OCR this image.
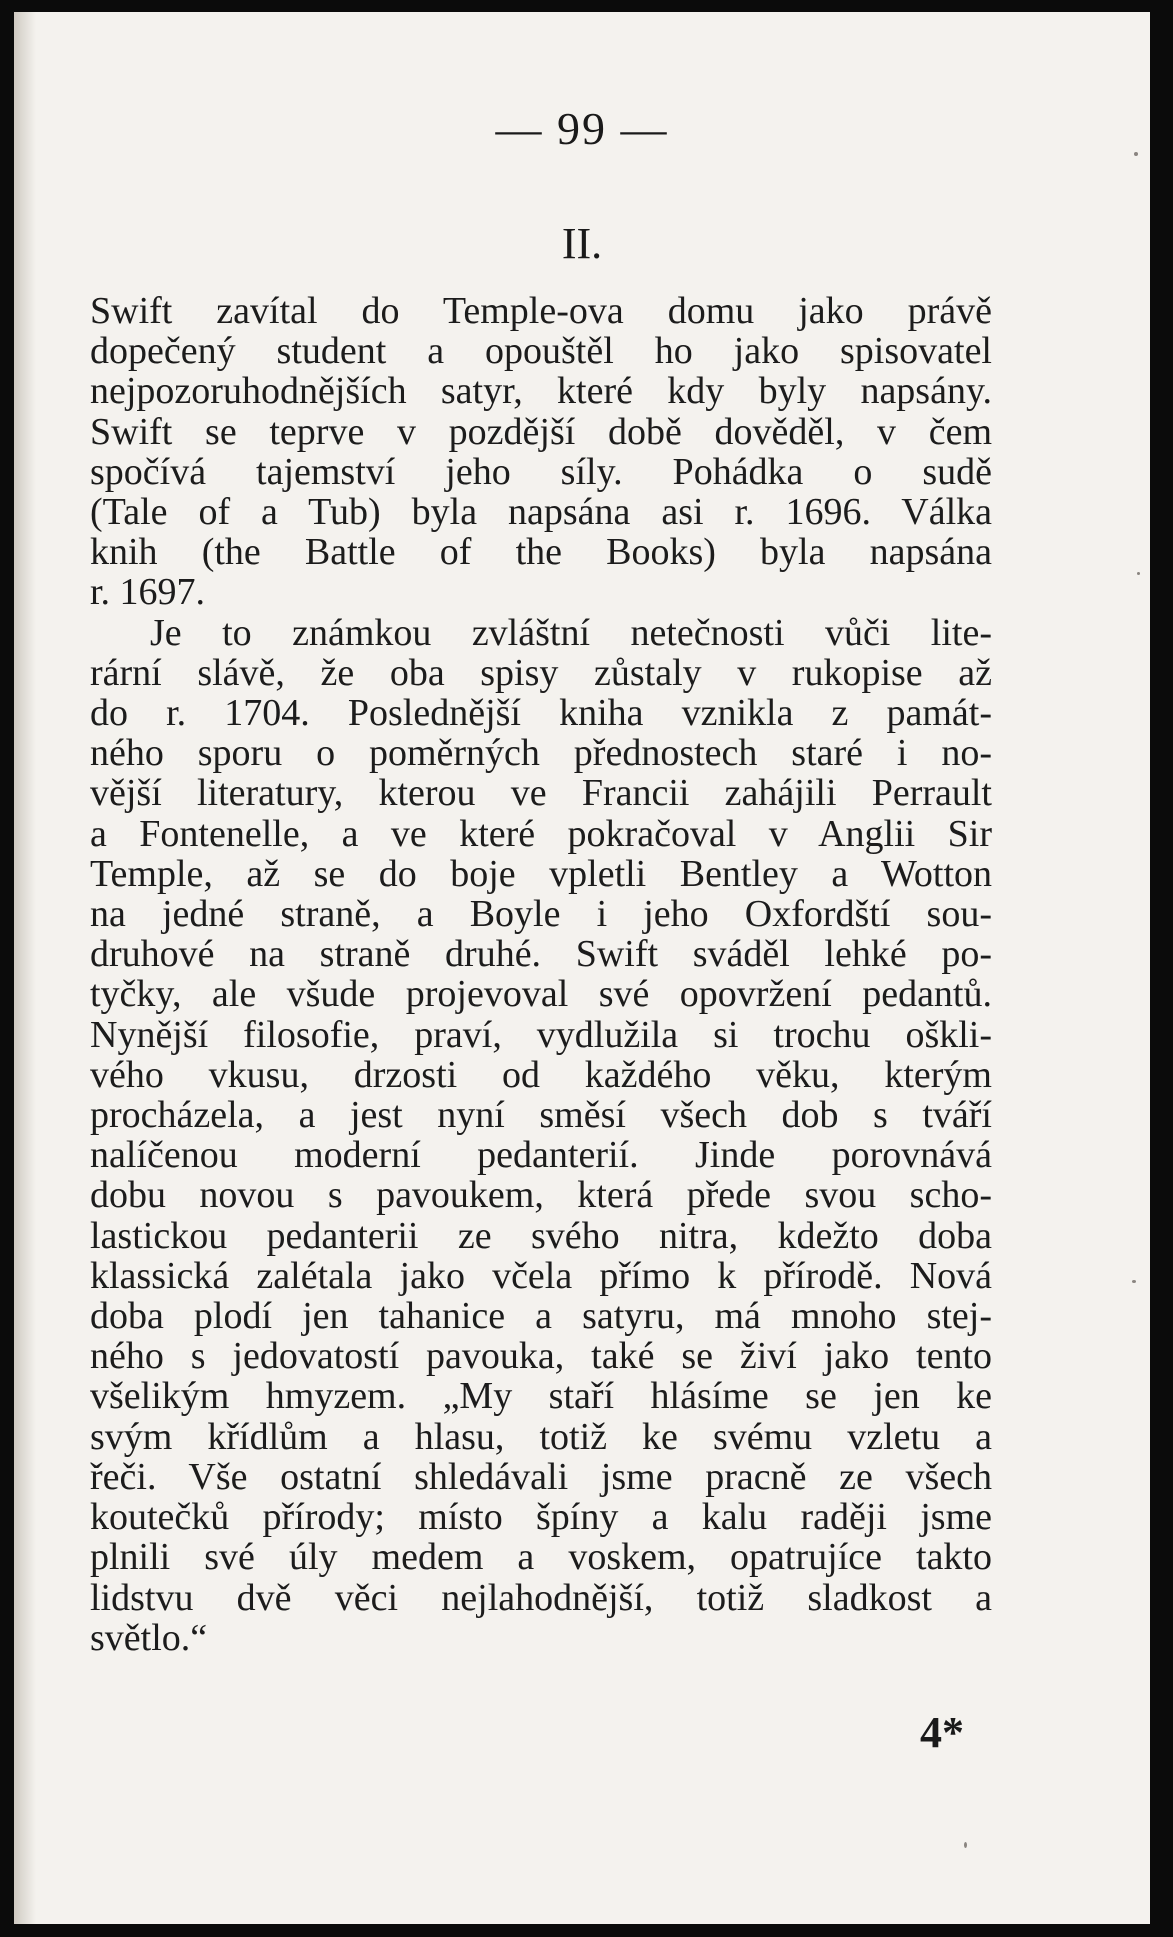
— 99 —
II.
Swift zavítal do Temple-ova domu jako právě
dopečený student a opouštěl ho jako spisovatel
nejpozoruhodnějších satyr, které kdy byly napsány.
Swift se teprve v pozdější době dověděl, v čem
spočívá tajemství jeho síly. Pohádka o sudě
(Tale of a Tub) byla napsána asi r. 1696. Válka
knih (the Battle of the Books) byla napsána
r. 1697.
Je to známkou zvláštní netečnosti vůči lite-
rární slávě, že oba spisy zůstaly v rukopise až
do r. 1704. Poslednější kniha vznikla z památ-
ného sporu o poměrných přednostech staré i no-
vější literatury, kterou ve Francii zahájili Perrault
a Fontenelle, a ve které pokračoval v Anglii Sir
Temple, až se do boje vpletli Bentley a Wotton
na jedné straně, a Boyle i jeho Oxfordští sou-
druhové na straně druhé. Swift sváděl lehké po-
tyčky, ale všude projevoval své opovržení pedantů.
Nynější filosofie, praví, vydlužila si trochu oškli-
vého vkusu, drzosti od každého věku, kterým
procházela, a jest nyní směsí všech dob s tváří
nalíčenou moderní pedanterií. Jinde porovnává
dobu novou s pavoukem, která přede svou scho-
lastickou pedanterii ze svého nitra, kdežto doba
klassická zalétala jako včela přímo k přírodě. Nová
doba plodí jen tahanice a satyru, má mnoho stej-
ného s jedovatostí pavouka, také se živí jako tento
všelikým hmyzem. „My staří hlásíme se jen ke
svým křídlům a hlasu, totiž ke svému vzletu a
řeči. Vše ostatní shledávali jsme pracně ze všech
koutečků přírody; místo špíny a kalu raději jsme
plnili své úly medem a voskem, opatrujíce takto
lidstvu dvě věci nejlahodnější, totiž sladkost a
světlo.“
4*
